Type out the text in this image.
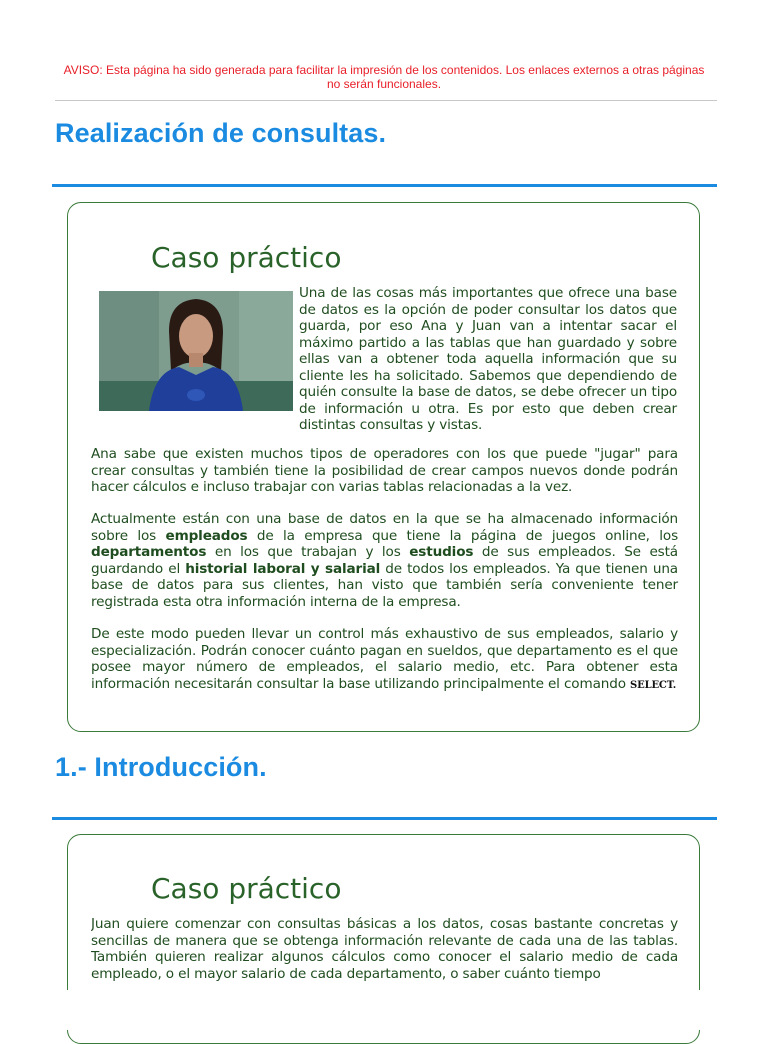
AVISO: Esta página ha sido generada para facilitar la impresión de los contenidos. Los enlaces externos a otras páginas no serán funcionales.
Realización de consultas.
Caso práctico

Una de las cosas más importantes que ofrece una base de datos es la opción de poder consultar los datos que guarda, por eso Ana y Juan van a intentar sacar el máximo partido a las tablas que han guardado y sobre ellas van a obtener toda aquella información que su cliente les ha solicitado. Sabemos que dependiendo de quién consulte la base de datos, se debe ofrecer un tipo de información u otra. Es por esto que deben crear distintas consultas y vistas.

Ana sabe que existen muchos tipos de operadores con los que puede "jugar" para crear consultas y también tiene la posibilidad de crear campos nuevos donde podrán hacer cálculos e incluso trabajar con varias tablas relacionadas a la vez.

Actualmente están con una base de datos en la que se ha almacenado información sobre los empleados de la empresa que tiene la página de juegos online, los departamentos en los que trabajan y los estudios de sus empleados. Se está guardando el historial laboral y salarial de todos los empleados. Ya que tienen una base de datos para sus clientes, han visto que también sería conveniente tener registrada esta otra información interna de la empresa.

De este modo pueden llevar un control más exhaustivo de sus empleados, salario y especialización. Podrán conocer cuánto pagan en sueldos, que departamento es el que posee mayor número de empleados, el salario medio, etc. Para obtener esta información necesitarán consultar la base utilizando principalmente el comando SELECT.

1.- Introducción.
Caso práctico

Juan quiere comenzar con consultas básicas a los datos, cosas bastante concretas y sencillas de manera que se obtenga información relevante de cada una de las tablas. También quieren realizar algunos cálculos como conocer el salario medio de cada empleado, o el mayor salario de cada departamento, o saber cuánto tiempo
